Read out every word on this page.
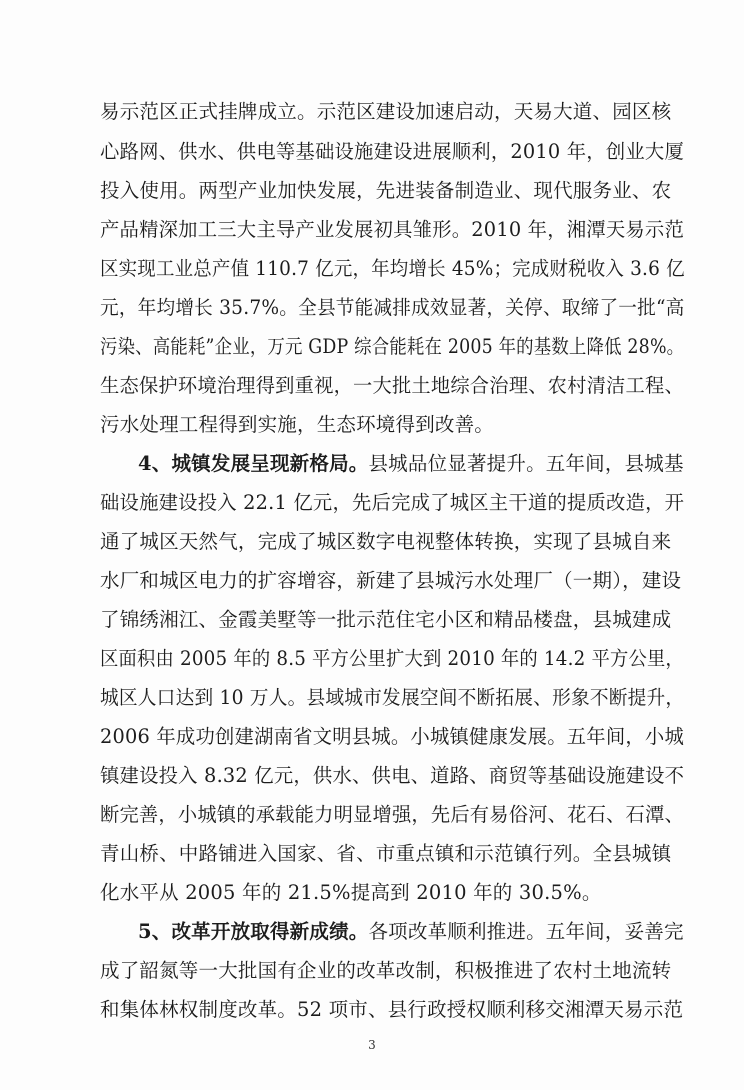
易示范区正式挂牌成立。示范区建设加速启动，天易大道、园区核
心路网、供水、供电等基础设施建设进展顺利，2010 年，创业大厦
投入使用。两型产业加快发展，先进装备制造业、现代服务业、农
产品精深加工三大主导产业发展初具雏形。2010 年，湘潭天易示范
区实现工业总产值 110.7 亿元，年均增长 45%；完成财税收入 3.6 亿
元，年均增长 35.7%。全县节能减排成效显著，关停、取缔了一批“高
污染、高能耗”企业，万元 GDP 综合能耗在 2005 年的基数上降低 28%。
生态保护环境治理得到重视，一大批土地综合治理、农村清洁工程、
污水处理工程得到实施，生态环境得到改善。
4、城镇发展呈现新格局。县城品位显著提升。五年间，县城基
础设施建设投入 22.1 亿元，先后完成了城区主干道的提质改造，开
通了城区天然气，完成了城区数字电视整体转换，实现了县城自来
水厂和城区电力的扩容增容，新建了县城污水处理厂（一期），建设
了锦绣湘江、金霞美墅等一批示范住宅小区和精品楼盘，县城建成
区面积由 2005 年的 8.5 平方公里扩大到 2010 年的 14.2 平方公里，
城区人口达到 10 万人。县域城市发展空间不断拓展、形象不断提升，
2006 年成功创建湖南省文明县城。小城镇健康发展。五年间，小城
镇建设投入 8.32 亿元，供水、供电、道路、商贸等基础设施建设不
断完善，小城镇的承载能力明显增强，先后有易俗河、花石、石潭、
青山桥、中路铺进入国家、省、市重点镇和示范镇行列。全县城镇
化水平从 2005 年的 21.5%提高到 2010 年的 30.5%。
5、改革开放取得新成绩。各项改革顺利推进。五年间，妥善完
成了韶氮等一大批国有企业的改革改制，积极推进了农村土地流转
和集体林权制度改革。52 项市、县行政授权顺利移交湘潭天易示范
3
